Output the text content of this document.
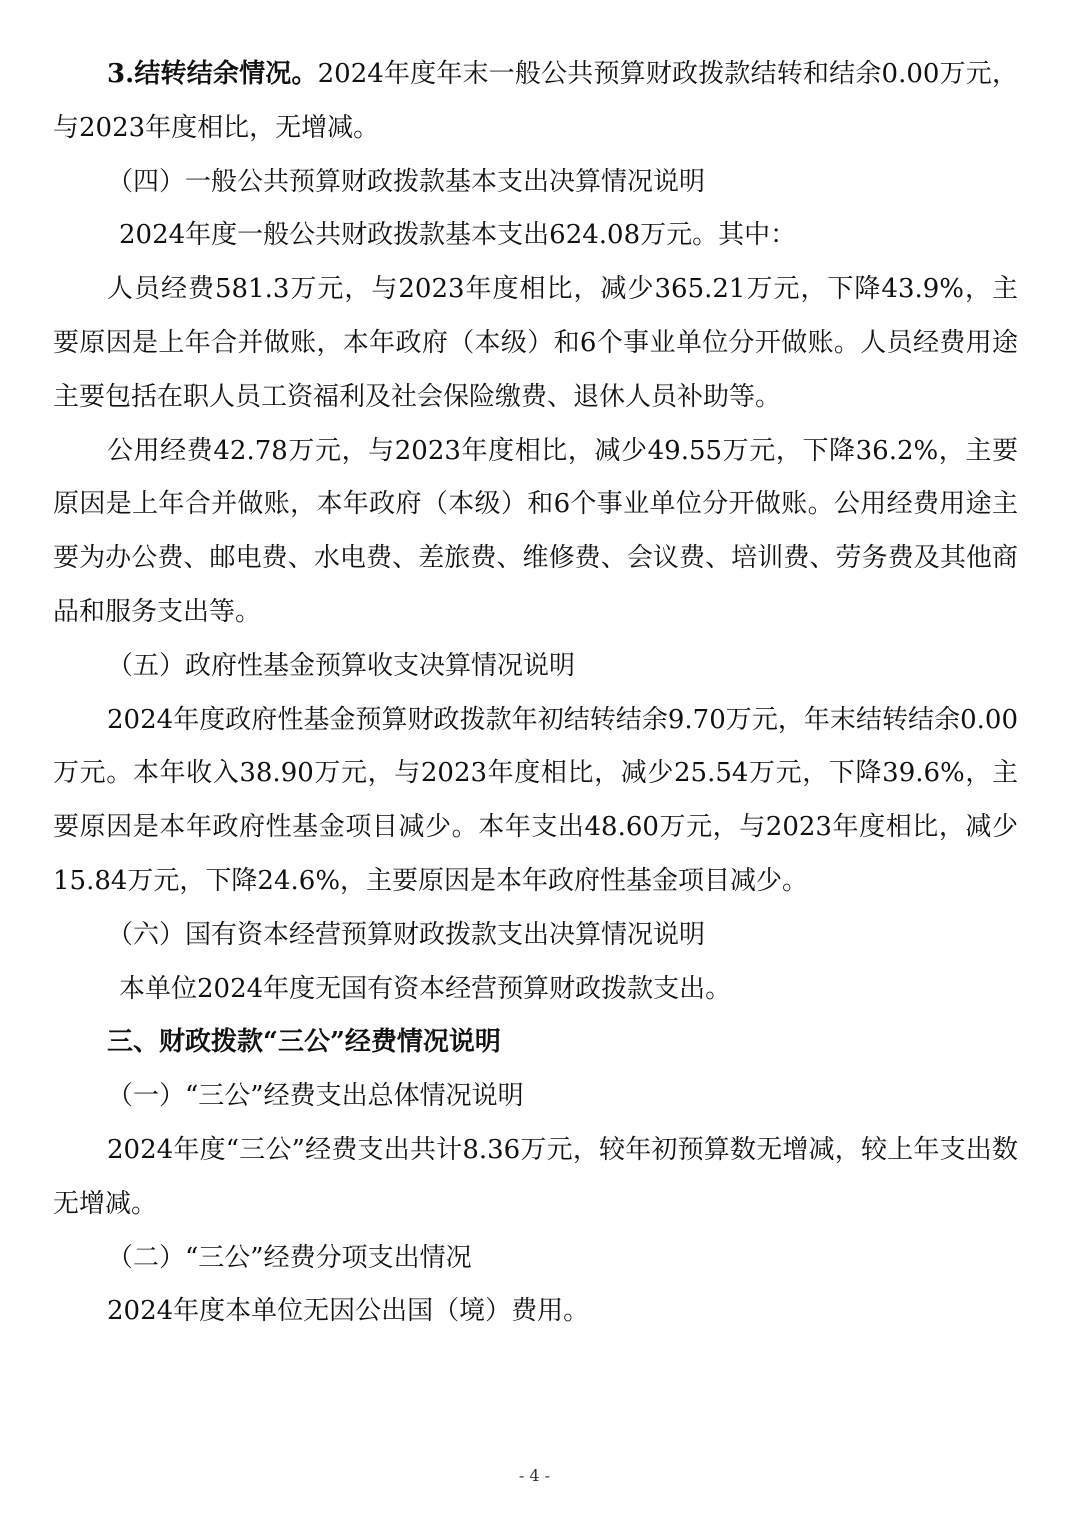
3.结转结余情况。2024年度年末一般公共预算财政拨款结转和结余0.00万元，与2023年度相比，无增减。

（四）一般公共预算财政拨款基本支出决算情况说明

2024年度一般公共财政拨款基本支出624.08万元。其中：

人员经费581.3万元，与2023年度相比，减少365.21万元，下降43.9%，主要原因是上年合并做账，本年政府（本级）和6个事业单位分开做账。人员经费用途主要包括在职人员工资福利及社会保险缴费、退休人员补助等。

公用经费42.78万元，与2023年度相比，减少49.55万元，下降36.2%，主要原因是上年合并做账，本年政府（本级）和6个事业单位分开做账。公用经费用途主要为办公费、邮电费、水电费、差旅费、维修费、会议费、培训费、劳务费及其他商品和服务支出等。

（五）政府性基金预算收支决算情况说明

2024年度政府性基金预算财政拨款年初结转结余9.70万元，年末结转结余0.00万元。本年收入38.90万元，与2023年度相比，减少25.54万元，下降39.6%，主要原因是本年政府性基金项目减少。本年支出48.60万元，与2023年度相比，减少15.84万元，下降24.6%，主要原因是本年政府性基金项目减少。

（六）国有资本经营预算财政拨款支出决算情况说明

本单位2024年度无国有资本经营预算财政拨款支出。

三、财政拨款“三公”经费情况说明

（一）“三公”经费支出总体情况说明

2024年度“三公”经费支出共计8.36万元，较年初预算数无增减，较上年支出数无增减。

（二）“三公”经费分项支出情况

2024年度本单位无因公出国（境）费用。

- 4 -
